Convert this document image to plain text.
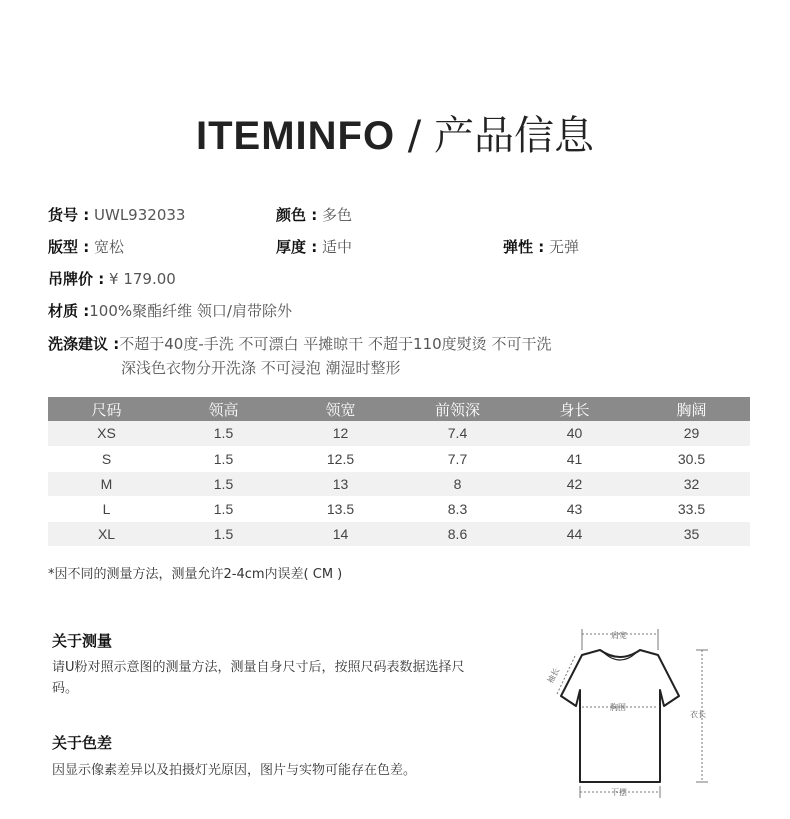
ITEMINFO / 产品信息
货号 : UWL932033	颜色 : 多色
版型 : 宽松	厚度 : 适中	弹性 : 无弹
吊牌价 : ¥ 179.00
材质 :100%聚酯纤维 领口/肩带除外
洗涤建议 :不超于40度-手洗 不可漂白 平摊晾干 不超于110度熨烫 不可干洗
深浅色衣物分开洗涤 不可浸泡 潮湿时整形
尺码	领高	领宽	前领深	身长	胸阔
XS	1.5	12	7.4	40	29
S	1.5	12.5	7.7	41	30.5
M	1.5	13	8	42	32
L	1.5	13.5	8.3	43	33.5
XL	1.5	14	8.6	44	35
*因不同的测量方法，测量允许2-4cm内误差( CM )
关于测量
请U粉对照示意图的测量方法，测量自身尺寸后，按照尺码表数据选择尺码。
关于色差
因显示像素差异以及拍摄灯光原因，图片与实物可能存在色差。
肩宽
胸围
袖长
衣长
下摆
